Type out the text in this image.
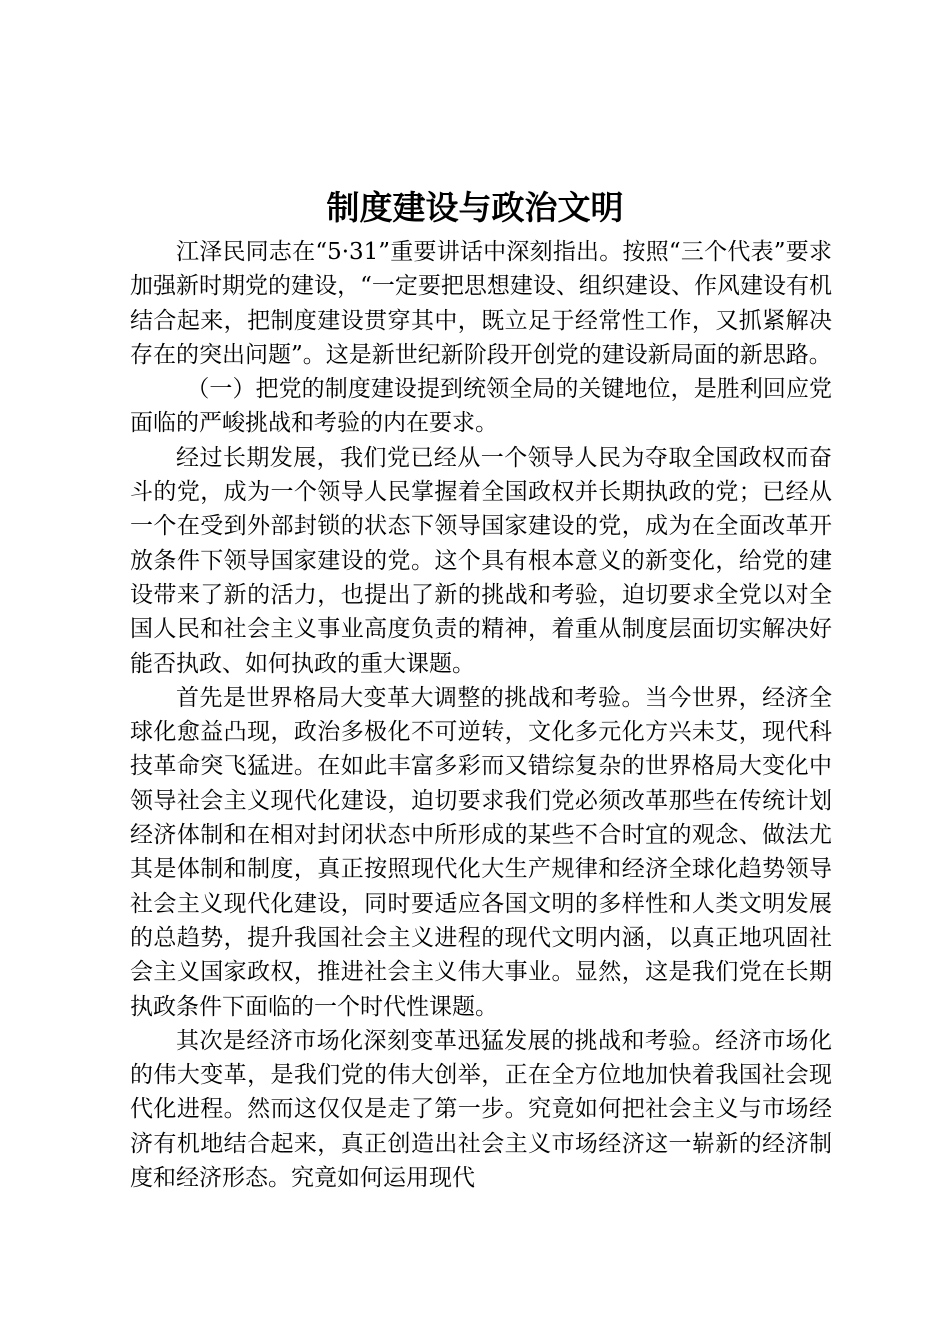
制度建设与政治文明

江泽民同志在“5·31”重要讲话中深刻指出。按照“三个代表”要求加强新时期党的建设，“一定要把思想建设、组织建设、作风建设有机结合起来，把制度建设贯穿其中，既立足于经常性工作，又抓紧解决存在的突出问题”。这是新世纪新阶段开创党的建设新局面的新思路。

（一）把党的制度建设提到统领全局的关键地位，是胜利回应党面临的严峻挑战和考验的内在要求。

经过长期发展，我们党已经从一个领导人民为夺取全国政权而奋斗的党，成为一个领导人民掌握着全国政权并长期执政的党；已经从一个在受到外部封锁的状态下领导国家建设的党，成为在全面改革开放条件下领导国家建设的党。这个具有根本意义的新变化，给党的建设带来了新的活力，也提出了新的挑战和考验，迫切要求全党以对全国人民和社会主义事业高度负责的精神，着重从制度层面切实解决好能否执政、如何执政的重大课题。

首先是世界格局大变革大调整的挑战和考验。当今世界，经济全球化愈益凸现，政治多极化不可逆转，文化多元化方兴未艾，现代科技革命突飞猛进。在如此丰富多彩而又错综复杂的世界格局大变化中领导社会主义现代化建设，迫切要求我们党必须改革那些在传统计划经济体制和在相对封闭状态中所形成的某些不合时宜的观念、做法尤其是体制和制度，真正按照现代化大生产规律和经济全球化趋势领导社会主义现代化建设，同时要适应各国文明的多样性和人类文明发展的总趋势，提升我国社会主义进程的现代文明内涵，以真正地巩固社会主义国家政权，推进社会主义伟大事业。显然，这是我们党在长期执政条件下面临的一个时代性课题。

其次是经济市场化深刻变革迅猛发展的挑战和考验。经济市场化的伟大变革，是我们党的伟大创举，正在全方位地加快着我国社会现代化进程。然而这仅仅是走了第一步。究竟如何把社会主义与市场经济有机地结合起来，真正创造出社会主义市场经济这一崭新的经济制度和经济形态。究竟如何运用现代
